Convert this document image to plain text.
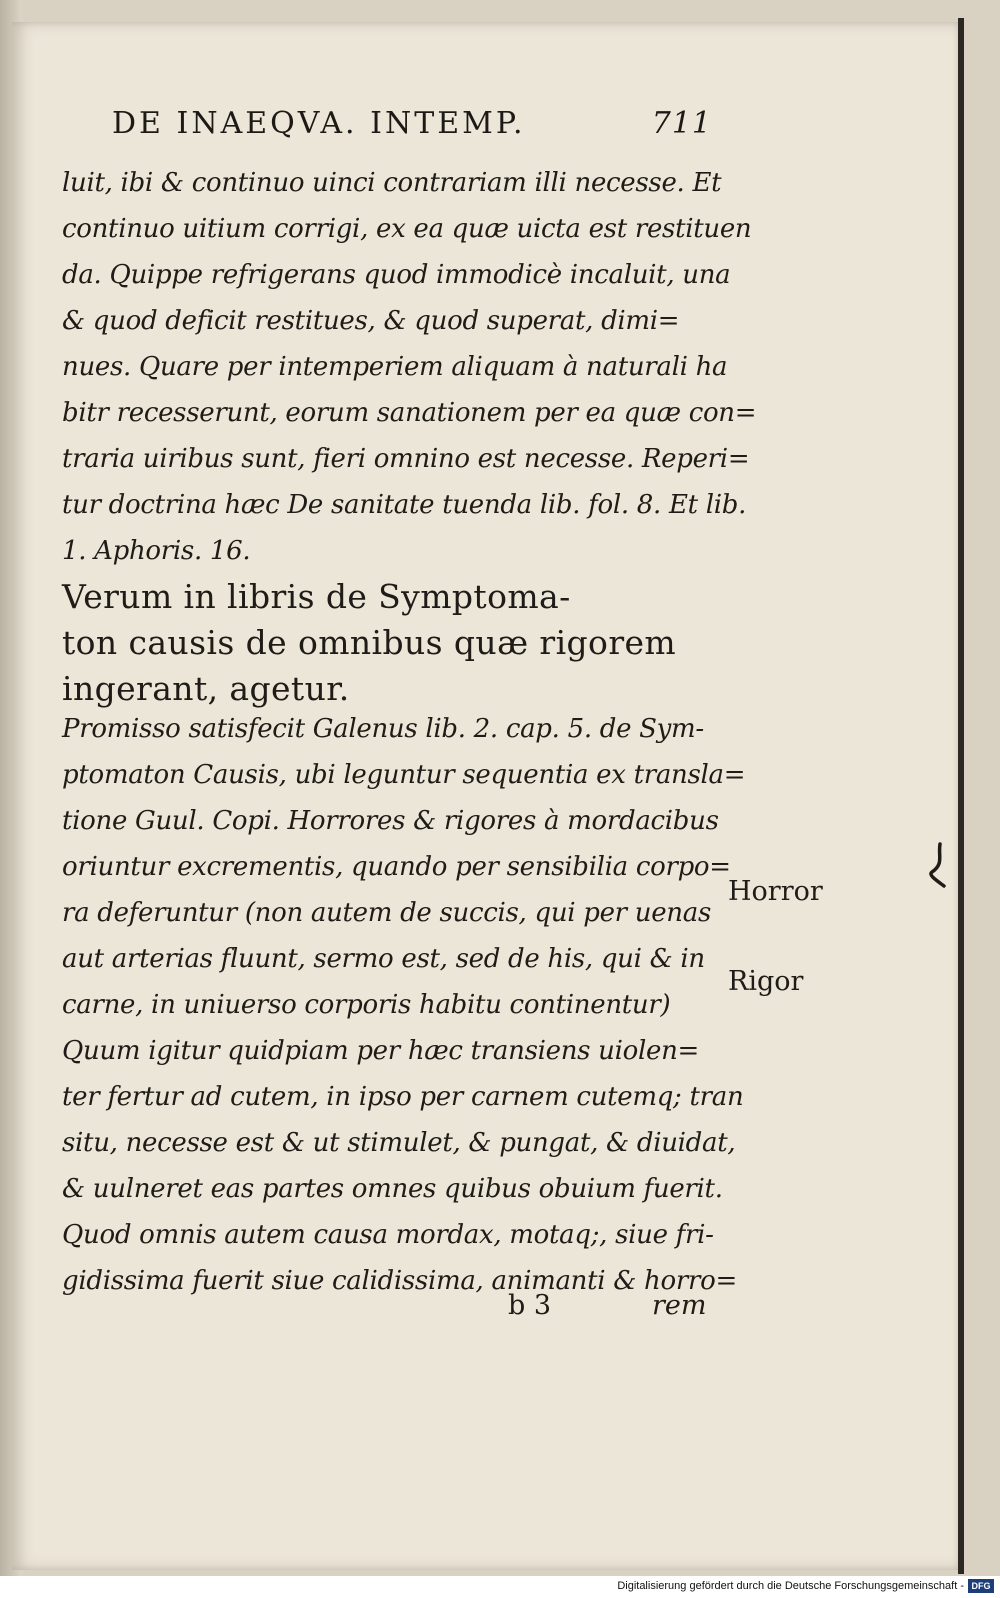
DE INAEQVA. INTEMP.	711
luit, ibi & continuo uinci contrariam illi necesse. Et
continuo uitium corrigi, ex ea quæ uicta est restituen
da. Quippe refrigerans quod immodicè incaluit, una
& quod deficit restitues, & quod superat, dimi=
nues. Quare per intemperiem aliquam à naturali ha
bitr recesserunt, eorum sanationem per ea quæ con=
traria uiribus sunt, fieri omnino est necesse. Reperi=
tur doctrina hæc De sanitate tuenda lib. fol. 8. Et lib.
1. Aphoris. 16.
Verum in libris de Symptoma-
ton causis de omnibus quæ rigorem
ingerant, agetur.
Promisso satisfecit Galenus lib. 2. cap. 5. de Sym-
ptomaton Causis, ubi leguntur sequentia ex transla=
tione Guul. Copi. Horrores & rigores à mordacibus
oriuntur excrementis, quando per sensibilia corpo=
ra deferuntur (non autem de succis, qui per uenas
aut arterias fluunt, sermo est, sed de his, qui & in
carne, in uniuerso corporis habitu continentur)
Quum igitur quidpiam per hæc transiens uiolen=
ter fertur ad cutem, in ipso per carnem cutemq; tran
situ, necesse est & ut stimulet, & pungat, & diuidat,
& uulneret eas partes omnes quibus obuium fuerit.
Quod omnis autem causa mordax, motaq;, siue fri-
gidissima fuerit siue calidissima, animanti & horro=
Horror
Rigor
b 3	rem
Digitalisierung gefördert durch die Deutsche Forschungsgemeinschaft - DFG
